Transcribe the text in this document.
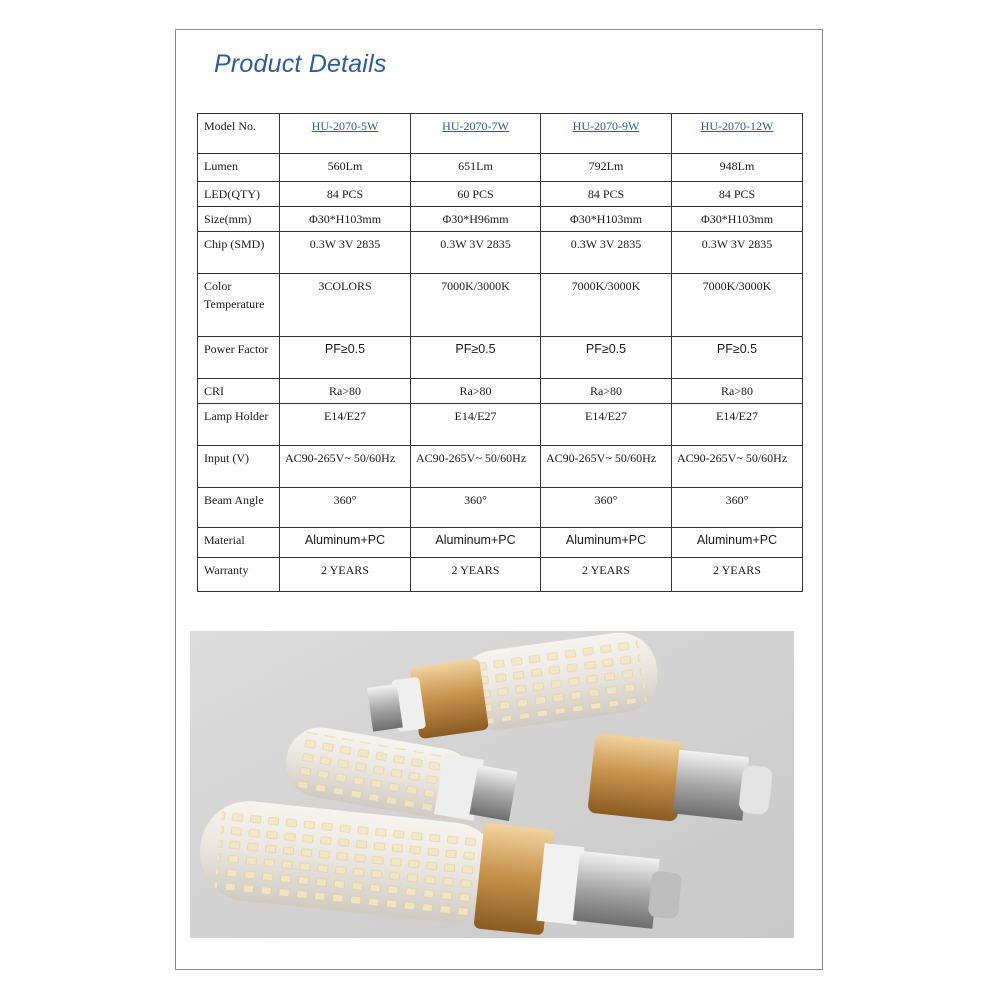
Product Details
Model No.	HU-2070-5W	HU-2070-7W	HU-2070-9W	HU-2070-12W
Lumen	560Lm	651Lm	792Lm	948Lm
LED(QTY)	84 PCS	60 PCS	84 PCS	84 PCS
Size(mm)	Φ30*H103mm	Φ30*H96mm	Φ30*H103mm	Φ30*H103mm
Chip (SMD)	0.3W 3V 2835	0.3W 3V 2835	0.3W 3V 2835	0.3W 3V 2835
Color Temperature	3COLORS	7000K/3000K	7000K/3000K	7000K/3000K
Power Factor	PF≥0.5	PF≥0.5	PF≥0.5	PF≥0.5
CRI	Ra>80	Ra>80	Ra>80	Ra>80
Lamp Holder	E14/E27	E14/E27	E14/E27	E14/E27
Input (V)	AC90-265V~ 50/60Hz	AC90-265V~ 50/60Hz	AC90-265V~ 50/60Hz	AC90-265V~ 50/60Hz
Beam Angle	360°	360°	360°	360°
Material	Aluminum+PC	Aluminum+PC	Aluminum+PC	Aluminum+PC
Warranty	2 YEARS	2 YEARS	2 YEARS	2 YEARS
